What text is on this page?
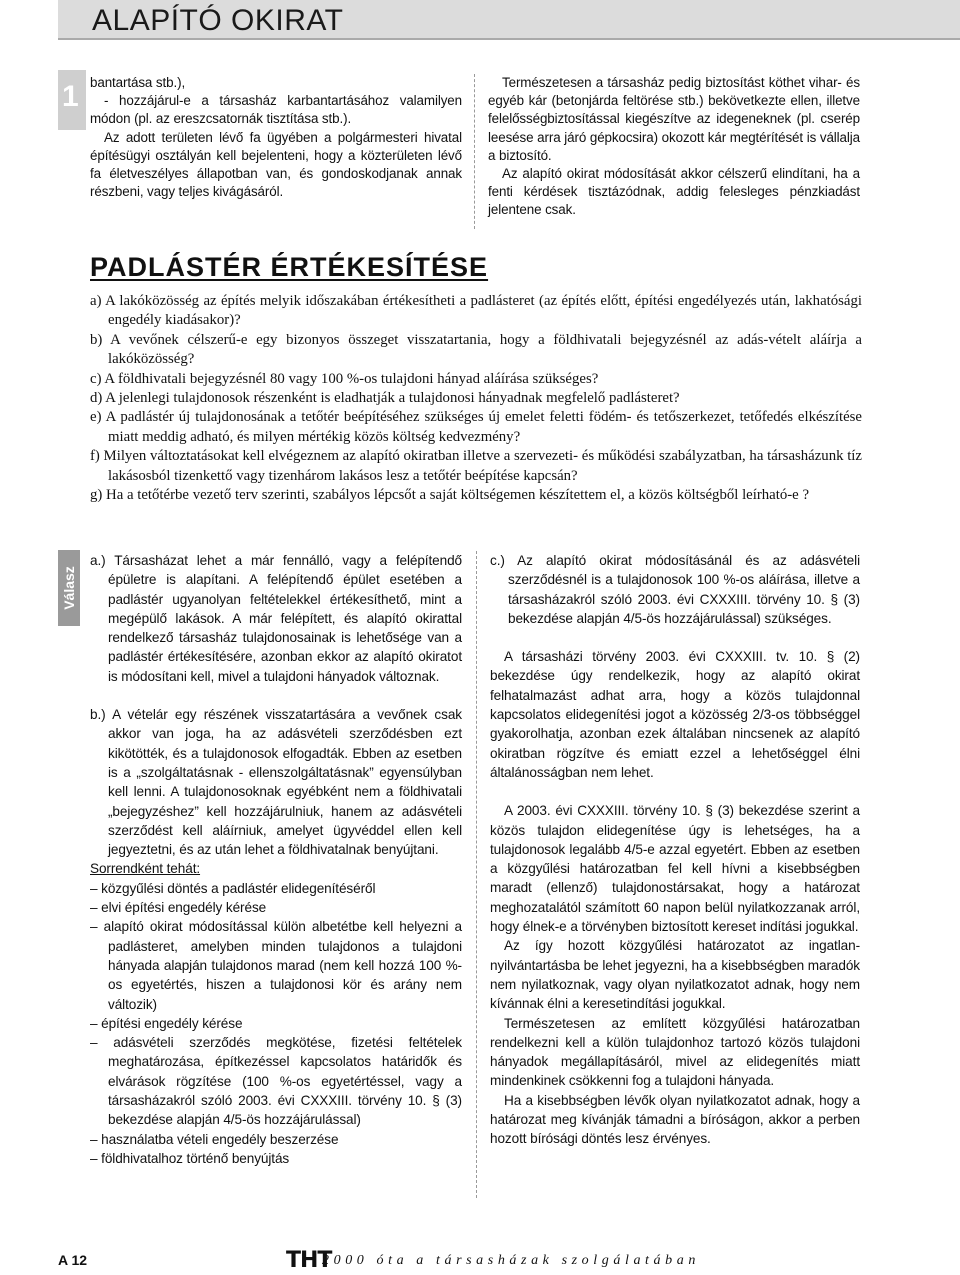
ALAPÍTÓ OKIRAT
1 bantartása stb.),

- hozzájárul-e a társasház karbantartásához valamilyen módon (pl. az ereszcsatornák tisztítása stb.).

Az adott területen lévő fa ügyében a polgármesteri hivatal építésügyi osztályán kell bejelenteni, hogy a közterületen lévő fa életveszélyes állapotban van, és gondoskodjanak annak részbeni, vagy teljes kivágásáról.

Természetesen a társasház pedig biztosítást köthet vihar- és egyéb kár (betonjárda feltörése stb.) bekövetkezte ellen, illetve felelősségbiztosítással kiegészítve az idegeneknek (pl. cserép leesése arra járó gépkocsira) okozott kár megtérítését is vállalja a biztosító.

Az alapító okirat módosítását akkor célszerű elindítani, ha a fenti kérdések tisztázódnak, addig felesleges pénzkiadást jelentene csak.

PADLÁSTÉR ÉRTÉKESÍTÉSE

a) A lakóközösség az építés melyik időszakában értékesítheti a padlásteret (az építés előtt, építési engedélyezés után, lakhatósági engedély kiadásakor)?

b) A vevőnek célszerű-e egy bizonyos összeget visszatartania, hogy a földhivatali bejegyzésnél az adás-vételt aláírja a lakóközösség?

c) A földhivatali bejegyzésnél 80 vagy 100 %-os tulajdoni hányad aláírása szükséges?

d) A jelenlegi tulajdonosok részenként is eladhatják a tulajdonosi hányadnak megfelelő padlásteret?

e) A padlástér új tulajdonosának a tetőtér beépítéséhez szükséges új emelet feletti födém- és tetőszerkezet, tetőfedés elkészítése miatt meddig adható, és milyen mértékig közös költség kedvezmény?

f) Milyen változtatásokat kell elvégeznem az alapító okiratban illetve a szervezeti- és működési szabályzatban, ha társasházunk tíz lakásosból tizenkettő vagy tizenhárom lakásos lesz a tetőtér beépítése kapcsán?

g) Ha a tetőtérbe vezető terv szerinti, szabályos lépcsőt a saját költségemen készítettem el, a közös költségből leírható-e ?

Válasz

a.) Társasházat lehet a már fennálló, vagy a felépítendő épületre is alapítani. A felépítendő épület esetében a padlástér ugyanolyan feltételekkel értékesíthető, mint a megépülő lakások. A már felépített, és alapító okirattal rendelkező társasház tulajdonosainak is lehetősége van a padlástér értékesítésére, azonban ekkor az alapító okiratot is módosítani kell, mivel a tulajdoni hányadok változnak.

b.) A vételár egy részének visszatartására a vevőnek csak akkor van joga, ha az adásvételi szerződésben ezt kikötötték, és a tulajdonosok elfogadták. Ebben az esetben is a „szolgáltatásnak - ellenszolgáltatásnak” egyensúlyban kell lenni. A tulajdonosoknak egyébként nem a földhivatali „bejegyzéshez” kell hozzájárulniuk, hanem az adásvételi szerződést kell aláírniuk, amelyet ügyvéddel ellen kell jegyeztetni, és az után lehet a földhivatalnak benyújtani.

Sorrendként tehát:

– közgyűlési döntés a padlástér elidegenítéséről

– elvi építési engedély kérése

– alapító okirat módosítással külön albetétbe kell helyezni a padlásteret, amelyben minden tulajdonos a tulajdoni hányada alapján tulajdonos marad (nem kell hozzá 100 %-os egyetértés, hiszen a tulajdonosi kör és arány nem változik)

– építési engedély kérése

– adásvételi szerződés megkötése, fizetési feltételek meghatározása, építkezéssel kapcsolatos határidők és elvárások rögzítése (100 %-os egyetértéssel, vagy a társasházakról szóló 2003. évi CXXXIII. törvény 10. § (3) bekezdése alapján 4/5-ös hozzájárulással)

– használatba vételi engedély beszerzése

– földhivatalhoz történő benyújtás

c.) Az alapító okirat módosításánál és az adásvételi szerződésnél is a tulajdonosok 100 %-os aláírása, illetve a társasházakról szóló 2003. évi CXXXIII. törvény 10. § (3) bekezdése alapján 4/5-ös hozzájárulással) szükséges.

A társasházi törvény 2003. évi CXXXIII. tv. 10. § (2) bekezdése úgy rendelkezik, hogy az alapító okirat felhatalmazást adhat arra, hogy a közös tulajdonnal kapcsolatos elidegenítési jogot a közösség 2/3-os többséggel gyakorolhatja, azonban ezek általában nincsenek az alapító okiratban rögzítve és emiatt ezzel a lehetőséggel élni általánosságban nem lehet.

A 2003. évi CXXXIII. törvény 10. § (3) bekezdése szerint a közös tulajdon elidegenítése úgy is lehetséges, ha a tulajdonosok legalább 4/5-e azzal egyetért. Ebben az esetben a közgyűlési határozatban fel kell hívni a kisebbségben maradt (ellenző) tulajdonostársakat, hogy a határozat meghozatalától számított 60 napon belül nyilatkozzanak arról, hogy élnek-e a törvényben biztosított kereset indítási jogukkal.

Az így hozott közgyűlési határozatot az ingatlan-nyilvántartásba be lehet jegyezni, ha a kisebbségben maradók nem nyilatkoznak, vagy olyan nyilatkozatot adnak, hogy nem kívánnak élni a keresetindítási jogukkal.

Természetesen az említett közgyűlési határozatban rendelkezni kell a külön tulajdonhoz tartozó közös tulajdoni hányadok megállapításáról, mivel az elidegenítés miatt mindenkinek csökkenni fog a tulajdoni hányada.

Ha a kisebbségben lévők olyan nyilatkozatot adnak, hogy a határozat meg kívánják támadni a bíróságon, akkor a perben hozott bírósági döntés lesz érvényes.

A 12	THT
2000 óta a társasházak szolgálatában
